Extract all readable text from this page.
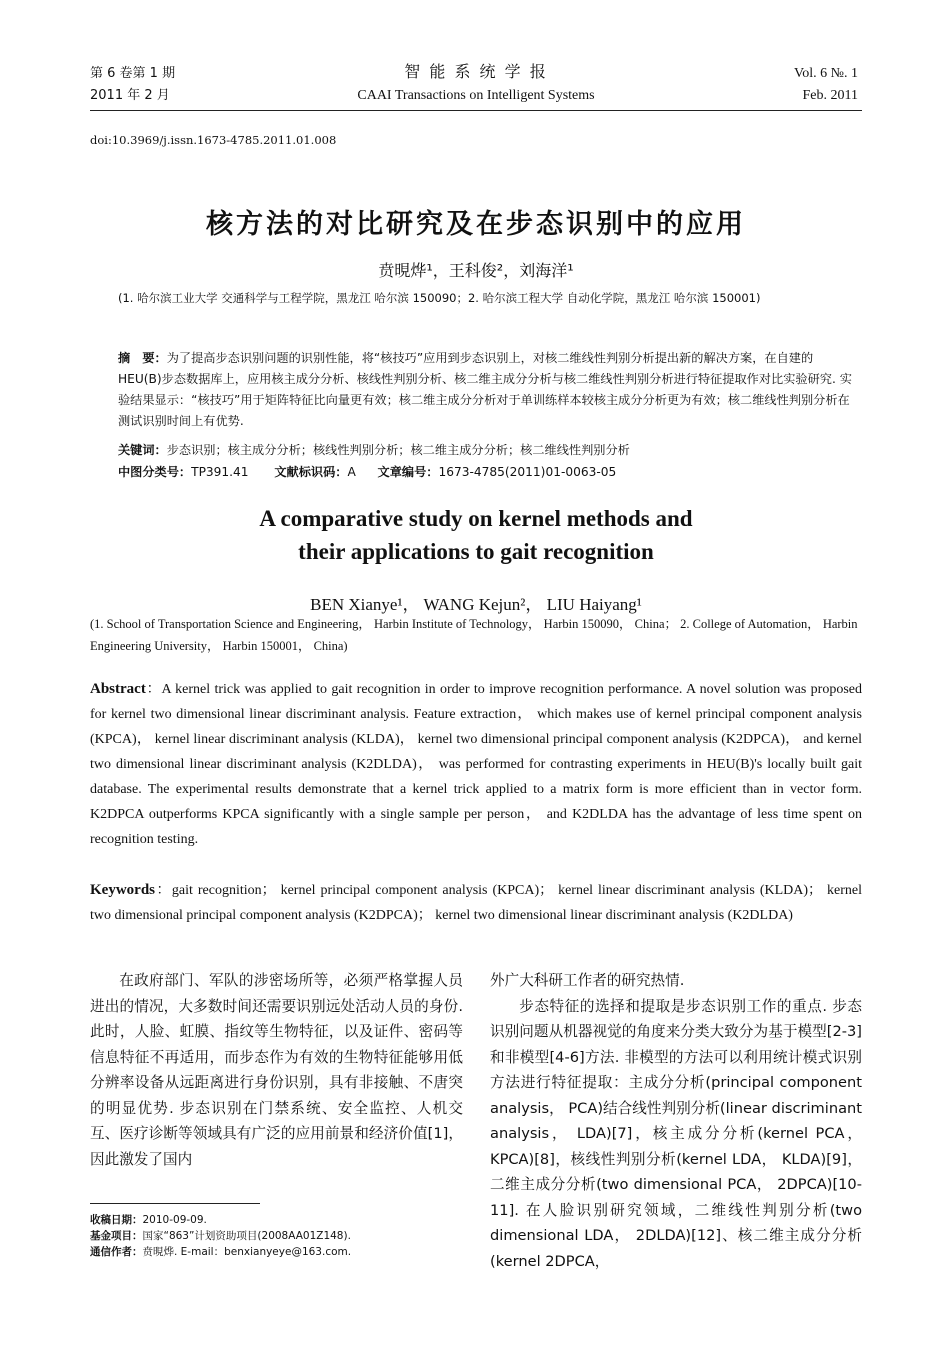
第 6 卷第 1 期
2011 年 2 月
智 能 系 统 学 报
CAAI Transactions on Intelligent Systems
Vol. 6 №. 1
Feb. 2011
doi:10.3969/j.issn.1673-4785.2011.01.008
核方法的对比研究及在步态识别中的应用
贲晛烨¹，王科俊²，刘海洋¹
(1. 哈尔滨工业大学 交通科学与工程学院，黑龙江 哈尔滨 150090；2. 哈尔滨工程大学 自动化学院，黑龙江 哈尔滨 150001)
摘　要：为了提高步态识别问题的识别性能，将“核技巧”应用到步态识别上，对核二维线性判别分析提出新的解决方案，在自建的 HEU(B)步态数据库上，应用核主成分分析、核线性判别分析、核二维主成分分析与核二维线性判别分析进行特征提取作对比实验研究. 实验结果显示：“核技巧”用于矩阵特征比向量更有效；核二维主成分分析对于单训练样本较核主成分分析更为有效；核二维线性判别分析在测试识别时间上有优势.
关键词：步态识别；核主成分分析；核线性判别分析；核二维主成分分析；核二维线性判别分析
中图分类号：TP391.41 文献标识码：A 文章编号：1673-4785(2011)01-0063-05
A comparative study on kernel methods and
their applications to gait recognition
BEN Xianye¹， WANG Kejun²， LIU Haiyang¹
(1. School of Transportation Science and Engineering， Harbin Institute of Technology， Harbin 150090， China； 2. College of Automation， Harbin Engineering University， Harbin 150001， China)
Abstract：A kernel trick was applied to gait recognition in order to improve recognition performance. A novel solution was proposed for kernel two dimensional linear discriminant analysis. Feature extraction， which makes use of kernel principal component analysis (KPCA)， kernel linear discriminant analysis (KLDA)， kernel two dimensional principal component analysis (K2DPCA)， and kernel two dimensional linear discriminant analysis (K2DLDA)， was performed for contrasting experiments in HEU(B)'s locally built gait database. The experimental results demonstrate that a kernel trick applied to a matrix form is more efficient than in vector form. K2DPCA outperforms KPCA significantly with a single sample per person， and K2DLDA has the advantage of less time spent on recognition testing.
Keywords：gait recognition； kernel principal component analysis (KPCA)； kernel linear discriminant analysis (KLDA)； kernel two dimensional principal component analysis (K2DPCA)； kernel two dimensional linear discriminant analysis (K2DLDA)

在政府部门、军队的涉密场所等，必须严格掌握人员进出的情况，大多数时间还需要识别远处活动人员的身份. 此时，人脸、虹膜、指纹等生物特征，以及证件、密码等信息特征不再适用，而步态作为有效的生物特征能够用低分辨率设备从远距离进行身份识别，具有非接触、不唐突的明显优势. 步态识别在门禁系统、安全监控、人机交互、医疗诊断等领域具有广泛的应用前景和经济价值[1]，因此激发了国内

外广大科研工作者的研究热情.

步态特征的选择和提取是步态识别工作的重点. 步态识别问题从机器视觉的角度来分类大致分为基于模型[2-3]和非模型[4-6]方法. 非模型的方法可以利用统计模式识别方法进行特征提取：主成分分析(principal component analysis， PCA)结合线性判别分析(linear discriminant analysis， LDA)[7]，核主成分分析(kernel PCA， KPCA)[8]，核线性判别分析(kernel LDA， KLDA)[9]，二维主成分分析(two dimensional PCA， 2DPCA)[10-11]. 在人脸识别研究领域，二维线性判别分析(two dimensional LDA， 2DLDA)[12]、核二维主成分分析(kernel 2DPCA，

收稿日期：2010-09-09.
基金项目：国家“863”计划资助项目(2008AA01Z148).
通信作者：贲晛烨. E-mail：benxianyeye@163.com.
